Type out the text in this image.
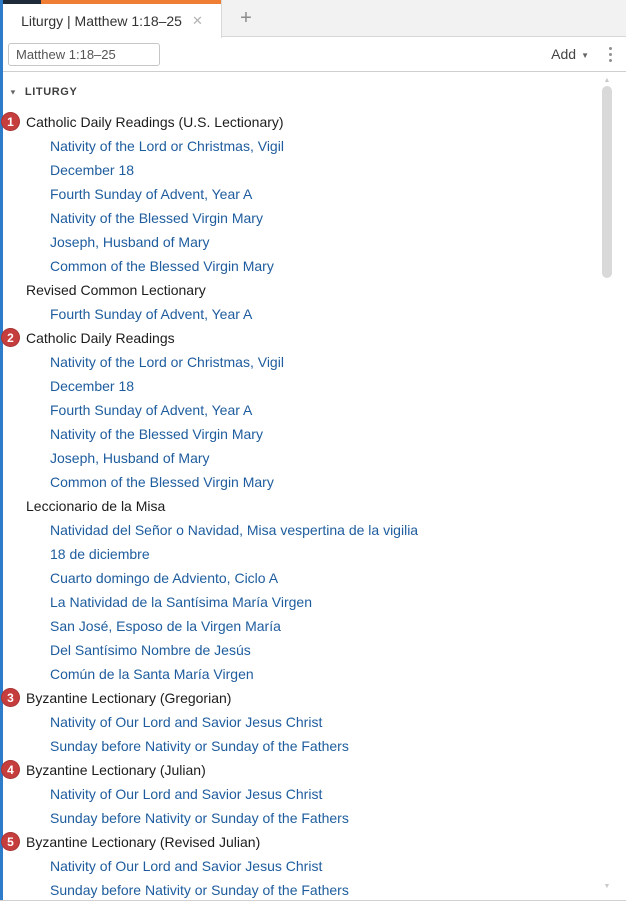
Liturgy | Matthew 1:18–25 ✕	+
Matthew 1:18–25
Add ▼
▼ LITURGY
1 Catholic Daily Readings (U.S. Lectionary)
Nativity of the Lord or Christmas, Vigil
December 18
Fourth Sunday of Advent, Year A
Nativity of the Blessed Virgin Mary
Joseph, Husband of Mary
Common of the Blessed Virgin Mary
Revised Common Lectionary
Fourth Sunday of Advent, Year A
2 Catholic Daily Readings
Nativity of the Lord or Christmas, Vigil
December 18
Fourth Sunday of Advent, Year A
Nativity of the Blessed Virgin Mary
Joseph, Husband of Mary
Common of the Blessed Virgin Mary
Leccionario de la Misa
Natividad del Señor o Navidad, Misa vespertina de la vigilia
18 de diciembre
Cuarto domingo de Adviento, Ciclo A
La Natividad de la Santísima María Virgen
San José, Esposo de la Virgen María
Del Santísimo Nombre de Jesús
Común de la Santa María Virgen
3 Byzantine Lectionary (Gregorian)
Nativity of Our Lord and Savior Jesus Christ
Sunday before Nativity or Sunday of the Fathers
4 Byzantine Lectionary (Julian)
Nativity of Our Lord and Savior Jesus Christ
Sunday before Nativity or Sunday of the Fathers
5 Byzantine Lectionary (Revised Julian)
Nativity of Our Lord and Savior Jesus Christ
Sunday before Nativity or Sunday of the Fathers
▲
▼
